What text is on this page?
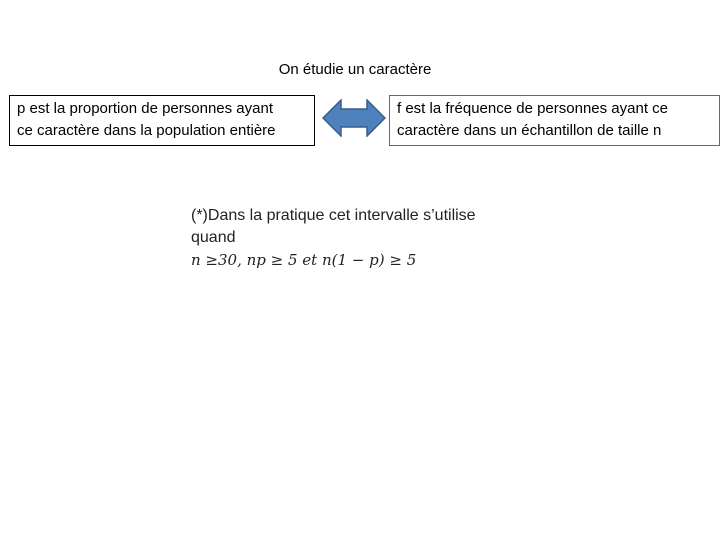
On étudie un caractère
p est la proportion de personnes ayant
ce caractère dans la population entière
f est la fréquence de personnes ayant ce
caractère dans un échantillon de taille n
(*)Dans la pratique cet intervalle s’utilise
quand
n ≥30, np ≥ 5 et n(1 − p) ≥ 5
